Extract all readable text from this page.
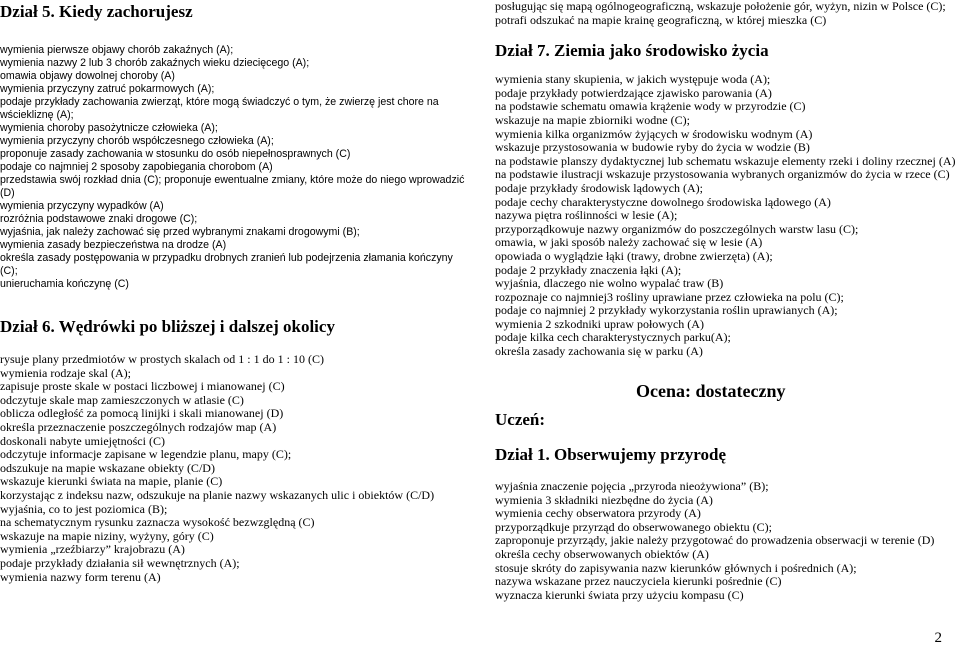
Dział 5. Kiedy zachorujesz
wymienia pierwsze objawy chorób zakaźnych (A);
wymienia nazwy 2 lub 3 chorób zakaźnych wieku dziecięcego (A);
omawia objawy dowolnej choroby (A)
wymienia przyczyny zatruć pokarmowych (A);
podaje przykłady zachowania zwierząt, które mogą świadczyć o tym, że zwierzę jest chore na wściekliznę (A);
wymienia choroby pasożytnicze człowieka (A);
wymienia przyczyny chorób współczesnego człowieka (A);
proponuje zasady zachowania w stosunku do osób niepełnosprawnych (C)
podaje co najmniej 2 sposoby zapobiegania chorobom (A)
przedstawia swój rozkład dnia (C); proponuje ewentualne zmiany, które może do niego wprowadzić (D)
wymienia przyczyny wypadków (A)
rozróżnia podstawowe znaki drogowe (C);
wyjaśnia, jak należy zachować się przed wybranymi znakami drogowymi (B);
wymienia zasady bezpieczeństwa na drodze (A)
określa zasady postępowania w przypadku drobnych zranień lub podejrzenia złamania kończyny (C);
unieruchamia kończynę (C)
Dział 6. Wędrówki po bliższej i dalszej okolicy
rysuje plany przedmiotów w prostych skalach od 1 : 1 do 1 : 10 (C)
wymienia rodzaje skal (A);
zapisuje proste skale w postaci liczbowej i mianowanej (C)
odczytuje skale map zamieszczonych w atlasie (C)
oblicza odległość za pomocą linijki i skali mianowanej (D)
określa przeznaczenie poszczególnych rodzajów map (A)
doskonali nabyte umiejętności (C)
odczytuje informacje zapisane w legendzie planu, mapy (C);
odszukuje na mapie wskazane obiekty (C/D)
wskazuje kierunki świata na mapie, planie (C)
korzystając z indeksu nazw, odszukuje na planie nazwy wskazanych ulic i obiektów (C/D)
wyjaśnia, co to jest poziomica (B);
na schematycznym rysunku zaznacza wysokość bezwzględną (C)
wskazuje na mapie niziny, wyżyny, góry (C)
wymienia „rzeźbiarzy” krajobrazu (A)
podaje przykłady działania sił wewnętrznych (A);
wymienia nazwy form terenu (A)
posługując się mapą ogólnogeograficzną, wskazuje położenie gór, wyżyn, nizin w Polsce (C);
potrafi odszukać na mapie krainę geograficzną, w której mieszka (C)
Dział 7. Ziemia jako środowisko życia
wymienia stany skupienia, w jakich występuje woda (A);
podaje przykłady potwierdzające zjawisko parowania (A)
na podstawie schematu omawia krążenie wody w przyrodzie (C)
wskazuje na mapie zbiorniki wodne (C);
wymienia kilka organizmów żyjących w środowisku wodnym (A)
wskazuje przystosowania w budowie ryby do życia w wodzie (B)
na podstawie planszy dydaktycznej lub schematu wskazuje elementy rzeki i doliny rzecznej (A)
na podstawie ilustracji wskazuje przystosowania wybranych organizmów do życia w rzece (C)
podaje przykłady środowisk lądowych (A);
podaje cechy charakterystyczne dowolnego środowiska lądowego (A)
nazywa piętra roślinności w lesie (A);
przyporządkowuje nazwy organizmów do poszczególnych warstw lasu (C);
omawia, w jaki sposób należy zachować się w lesie (A)
opowiada o wyglądzie łąki (trawy, drobne zwierzęta) (A);
podaje 2 przykłady znaczenia łąki (A);
wyjaśnia, dlaczego nie wolno wypalać traw (B)
rozpoznaje co najmniej3 rośliny uprawiane przez człowieka na polu (C);
podaje co najmniej 2 przykłady wykorzystania roślin uprawianych (A);
wymienia 2 szkodniki upraw połowych (A)
podaje kilka cech charakterystycznych parku(A);
określa zasady zachowania się w parku (A)
Ocena: dostateczny
Uczeń:
Dział 1. Obserwujemy przyrodę
wyjaśnia znaczenie pojęcia „przyroda nieożywiona” (B);
wymienia 3 składniki niezbędne do życia (A)
wymienia cechy obserwatora przyrody (A)
przyporządkuje przyrząd do obserwowanego obiektu (C);
zaproponuje przyrządy, jakie należy przygotować do prowadzenia obserwacji w terenie (D)
określa cechy obserwowanych obiektów (A)
stosuje skróty do zapisywania nazw kierunków głównych i pośrednich (A);
nazywa wskazane przez nauczyciela kierunki pośrednie (C)
wyznacza kierunki świata przy użyciu kompasu (C)
2
